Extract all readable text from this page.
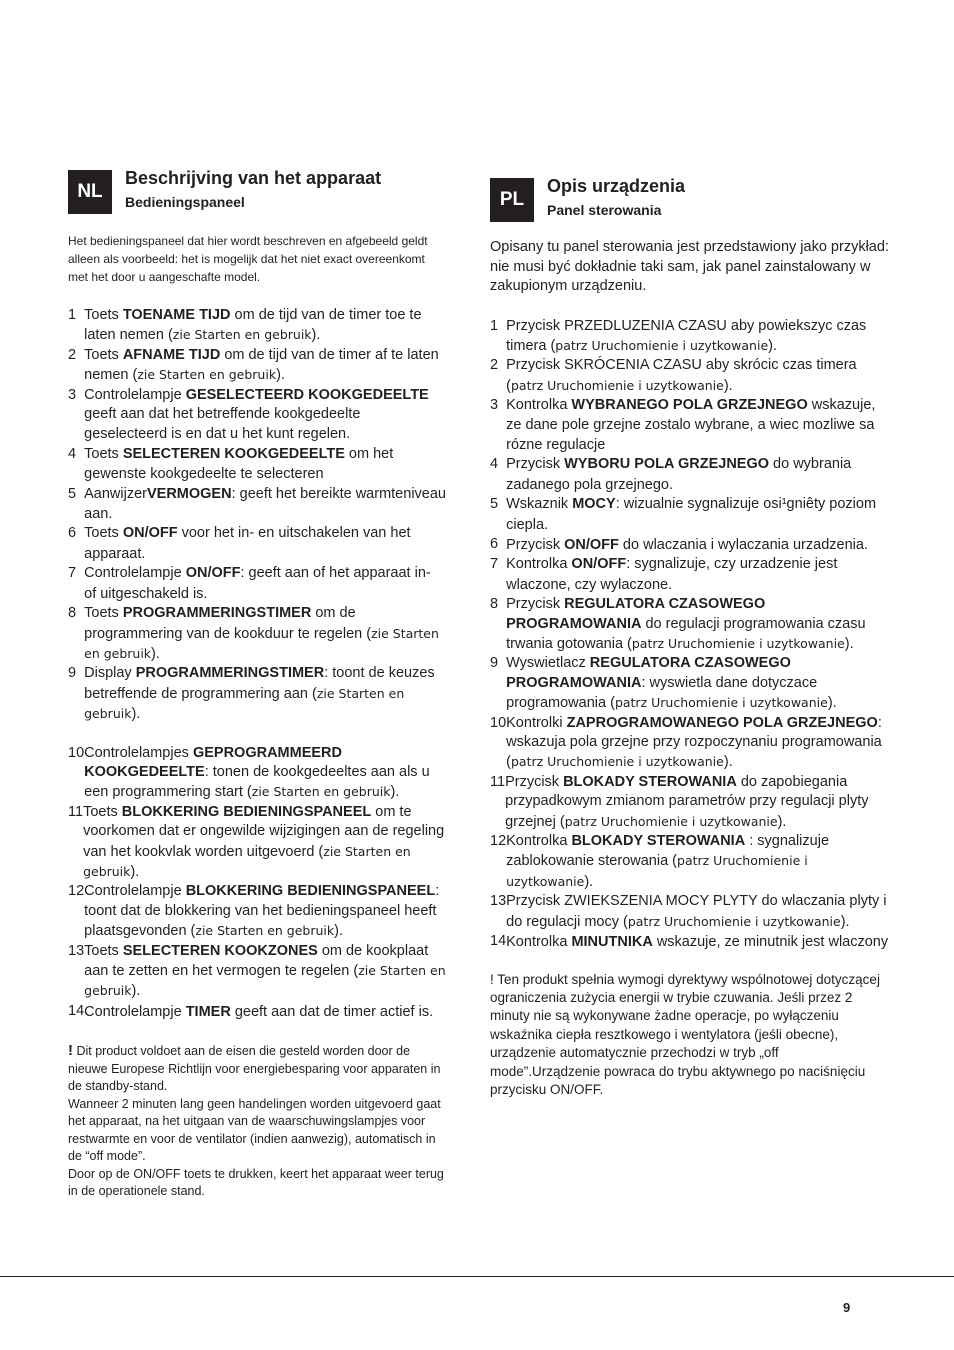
NL
Beschrijving van het apparaat
Bedieningspaneel

Het bedieningspaneel dat hier wordt beschreven en afgebeeld geldt alleen als voorbeeld: het is mogelijk dat het niet exact overeenkomt met het door u aangeschafte model.

1 Toets TOENAME TIJD om de tijd van de timer toe te laten nemen (zie Starten en gebruik).
2 Toets AFNAME TIJD om de tijd van de timer af te laten nemen (zie Starten en gebruik).
3 Controlelampje GESELECTEERD KOOKGEDEELTE geeft aan dat het betreffende kookgedeelte geselecteerd is en dat u het kunt regelen.
4 Toets SELECTEREN KOOKGEDEELTE om het gewenste kookgedeelte te selecteren
5 AanwijzerVERMOGEN: geeft het bereikte warmteniveau aan.
6 Toets ON/OFF voor het in- en uitschakelen van het apparaat.
7 Controlelampje ON/OFF: geeft aan of het apparaat in- of uitgeschakeld is.
8 Toets PROGRAMMERINGSTIMER om de programmering van de kookduur te regelen (zie Starten en gebruik).
9 Display PROGRAMMERINGSTIMER: toont de keuzes betreffende de programmering aan (zie Starten en gebruik).
10 Controlelampjes GEPROGRAMMEERD KOOKGEDEELTE: tonen de kookgedeeltes aan als u een programmering start (zie Starten en gebruik).
11 Toets BLOKKERING BEDIENINGSPANEEL om te voorkomen dat er ongewilde wijzigingen aan de regeling van het kookvlak worden uitgevoerd (zie Starten en gebruik).
12 Controlelampje BLOKKERING BEDIENINGSPANEEL: toont dat de blokkering van het bedieningspaneel heeft plaatsgevonden (zie Starten en gebruik).
13 Toets SELECTEREN KOOKZONES om de kookplaat aan te zetten en het vermogen te regelen (zie Starten en gebruik).
14 Controlelampje TIMER geeft aan dat de timer actief is.
! Dit product voldoet aan de eisen die gesteld worden door de nieuwe Europese Richtlijn voor energiebesparing voor apparaten in de standby-stand.
Wanneer 2 minuten lang geen handelingen worden uitgevoerd gaat het apparaat, na het uitgaan van de waarschuwingslampjes voor restwarmte en voor de ventilator (indien aanwezig), automatisch in de “off mode”.
Door op de ON/OFF toets te drukken, keert het apparaat weer terug in de operationele stand.
PL
Opis urządzenia
Panel sterowania

Opisany tu panel sterowania jest przedstawiony jako przykład: nie musi być dokładnie taki sam, jak panel zainstalowany w zakupionym urządzeniu.

1 Przycisk PRZEDLUZENIA CZASU aby powiekszyc czas timera (patrz Uruchomienie i uzytkowanie).
2 Przycisk SKRÓCENIA CZASU aby skrócic czas timera (patrz Uruchomienie i uzytkowanie).
3 Kontrolka WYBRANEGO POLA GRZEJNEGO wskazuje, ze dane pole grzejne zostalo wybrane, a wiec mozliwe sa rózne regulacje
4 Przycisk WYBORU POLA GRZEJNEGO do wybrania zadanego pola grzejnego.
5 Wskaznik MOCY: wizualnie sygnalizuje osi¹gniêty poziom ciepla.
6 Przycisk ON/OFF do wlaczania i wylaczania urzadzenia.
7 Kontrolka ON/OFF: sygnalizuje, czy urzadzenie jest wlaczone, czy wylaczone.
8 Przycisk REGULATORA CZASOWEGO PROGRAMOWANIA do regulacji programowania czasu trwania gotowania (patrz Uruchomienie i uzytkowanie).
9 Wyswietlacz REGULATORA CZASOWEGO PROGRAMOWANIA: wyswietla dane dotyczace programowania (patrz Uruchomienie i uzytkowanie).
10 Kontrolki ZAPROGRAMOWANEGO POLA GRZEJNEGO: wskazuja pola grzejne przy rozpoczynaniu programowania (patrz Uruchomienie i uzytkowanie).
11 Przycisk BLOKADY STEROWANIA do zapobiegania przypadkowym zmianom parametrów przy regulacji plyty grzejnej (patrz Uruchomienie i uzytkowanie).
12 Kontrolka BLOKADY STEROWANIA : sygnalizuje zablokowanie sterowania (patrz Uruchomienie i uzytkowanie).
13 Przycisk ZWIEKSZENIA MOCY PLYTY do wlaczania plyty i do regulacji mocy (patrz Uruchomienie i uzytkowanie).
14 Kontrolka MINUTNIKA wskazuje, ze minutnik jest wlaczony
! Ten produkt spełnia wymogi dyrektywy wspólnotowej dotyczącej ograniczenia zużycia energii w trybie czuwania. Jeśli przez 2 minuty nie są wykonywane żadne operacje, po wyłączeniu wskaźnika ciepła resztkowego i wentylatora (jeśli obecne), urządzenie automatycznie przechodzi w tryb „off mode”.Urządzenie powraca do trybu aktywnego po naciśnięciu przycisku ON/OFF.
9
